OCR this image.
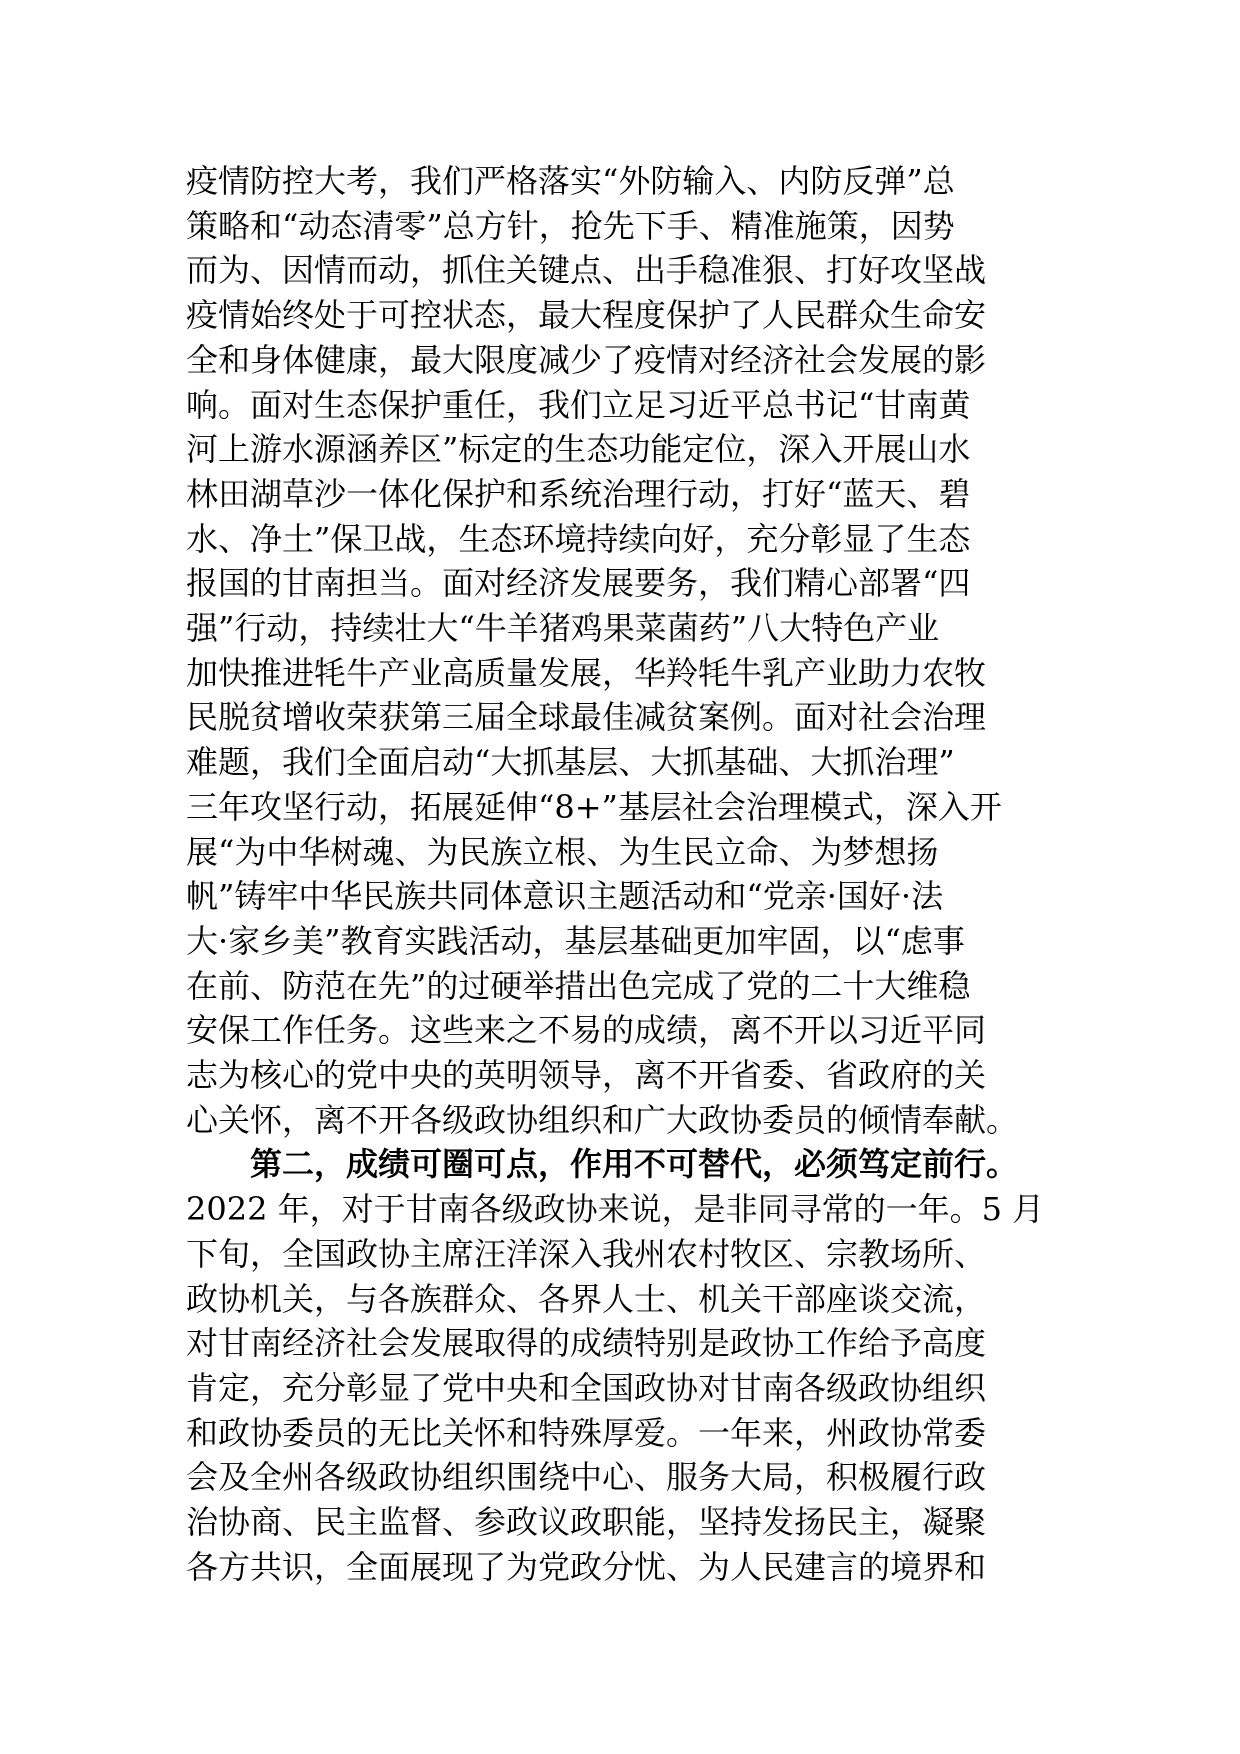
疫情防控大考，我们严格落实“外防输入、内防反弹”总
策略和“动态清零”总方针，抢先下手、精准施策，因势
而为、因情而动，抓住关键点、出手稳准狠、打好攻坚战
疫情始终处于可控状态，最大程度保护了人民群众生命安
全和身体健康，最大限度减少了疫情对经济社会发展的影
响。面对生态保护重任，我们立足习近平总书记“甘南黄
河上游水源涵养区”标定的生态功能定位，深入开展山水
林田湖草沙一体化保护和系统治理行动，打好“蓝天、碧
水、净土”保卫战，生态环境持续向好，充分彰显了生态
报国的甘南担当。面对经济发展要务，我们精心部署“四
强”行动，持续壮大“牛羊猪鸡果菜菌药”八大特色产业
加快推进牦牛产业高质量发展，华羚牦牛乳产业助力农牧
民脱贫增收荣获第三届全球最佳减贫案例。面对社会治理
难题，我们全面启动“大抓基层、大抓基础、大抓治理”
三年攻坚行动，拓展延伸“8+”基层社会治理模式，深入开
展“为中华树魂、为民族立根、为生民立命、为梦想扬
帆”铸牢中华民族共同体意识主题活动和“党亲·国好·法
大·家乡美”教育实践活动，基层基础更加牢固，以“虑事
在前、防范在先”的过硬举措出色完成了党的二十大维稳
安保工作任务。这些来之不易的成绩，离不开以习近平同
志为核心的党中央的英明领导，离不开省委、省政府的关
心关怀，离不开各级政协组织和广大政协委员的倾情奉献。
第二，成绩可圈可点，作用不可替代，必须笃定前行。
2022 年，对于甘南各级政协来说，是非同寻常的一年。5 月
下旬，全国政协主席汪洋深入我州农村牧区、宗教场所、
政协机关，与各族群众、各界人士、机关干部座谈交流，
对甘南经济社会发展取得的成绩特别是政协工作给予高度
肯定，充分彰显了党中央和全国政协对甘南各级政协组织
和政协委员的无比关怀和特殊厚爱。一年来，州政协常委
会及全州各级政协组织围绕中心、服务大局，积极履行政
治协商、民主监督、参政议政职能，坚持发扬民主，凝聚
各方共识，全面展现了为党政分忧、为人民建言的境界和
